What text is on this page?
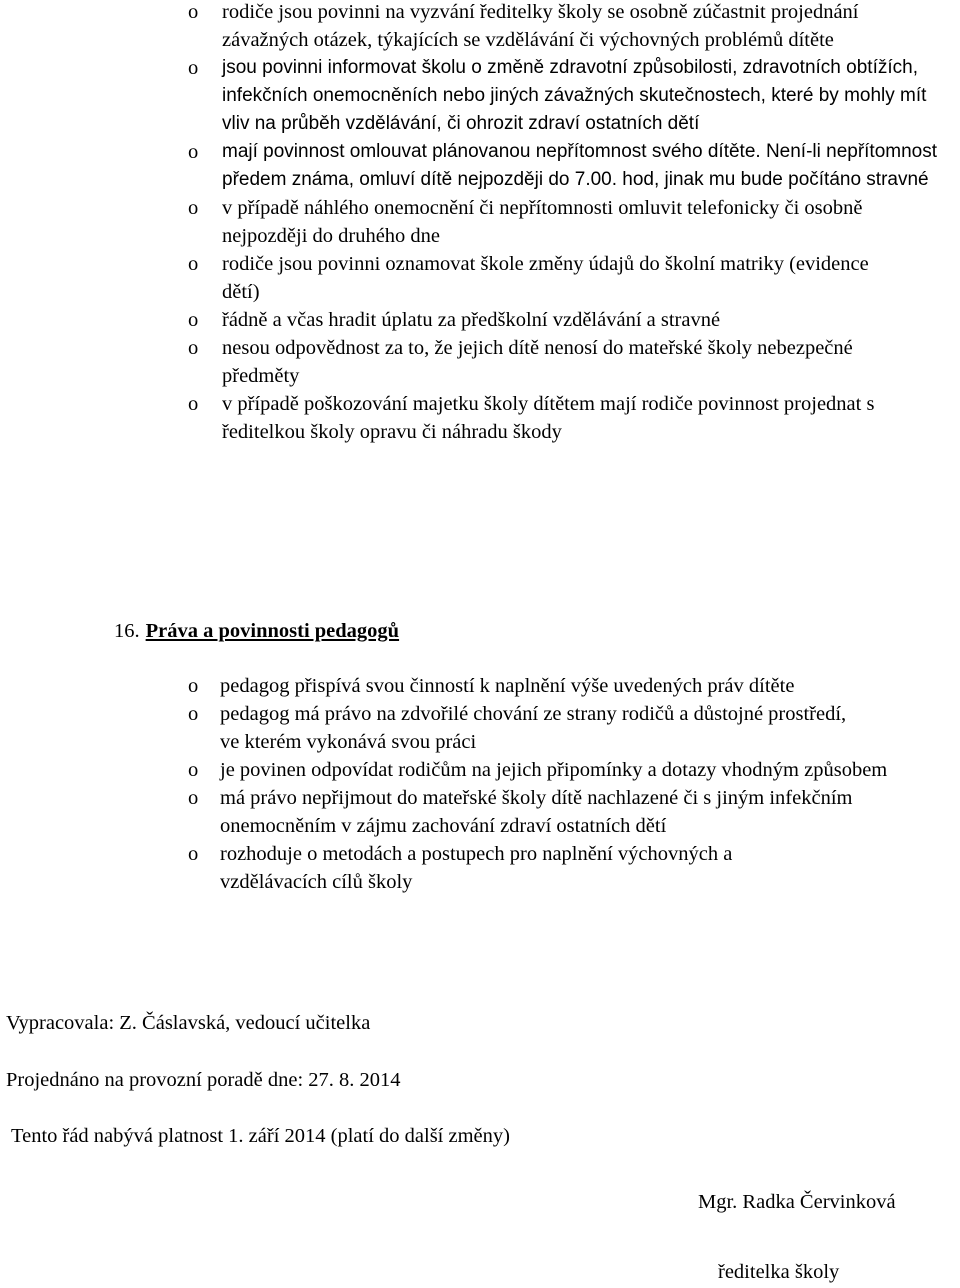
o rodiče jsou povinni na vyzvání ředitelky školy se osobně zúčastnit projednání závažných otázek, týkajících se vzdělávání či výchovných problémů dítěte
o jsou povinni informovat školu o změně zdravotní způsobilosti, zdravotních obtížích, infekčních onemocněních nebo jiných závažných skutečnostech, které by mohly mít vliv na průběh vzdělávání, či ohrozit zdraví ostatních dětí
o mají povinnost omlouvat plánovanou nepřítomnost svého dítěte. Není-li nepřítomnost předem známa, omluví dítě nejpozději do 7.00. hod, jinak mu bude počítáno stravné
o v případě náhlého onemocnění či nepřítomnosti omluvit telefonicky či osobně nejpozději do druhého dne
o rodiče jsou povinni oznamovat škole změny údajů do školní matriky (evidence dětí)
o řádně a včas hradit úplatu za předškolní vzdělávání a stravné
o nesou odpovědnost za to, že jejich dítě nenosí do mateřské školy nebezpečné předměty
o v případě poškozování majetku školy dítětem mají rodiče povinnost projednat s ředitelkou školy opravu či náhradu škody
16. Práva a povinnosti pedagogů
o pedagog přispívá svou činností k naplnění výše uvedených práv dítěte
o pedagog má právo na zdvořilé chování ze strany rodičů a důstojné prostředí, ve kterém vykonává svou práci
o je povinen odpovídat rodičům na jejich připomínky a dotazy vhodným způsobem
o má právo nepřijmout do mateřské školy dítě nachlazené či s jiným infekčním onemocněním v zájmu zachování zdraví ostatních dětí
o rozhoduje o metodách a postupech pro naplnění výchovných a vzdělávacích cílů školy
Vypracovala: Z. Čáslavská, vedoucí učitelka
Projednáno na provozní poradě dne: 27. 8. 2014
Tento řád nabývá platnost 1. září 2014 (platí do další změny)
Mgr. Radka Červinková
ředitelka školy
